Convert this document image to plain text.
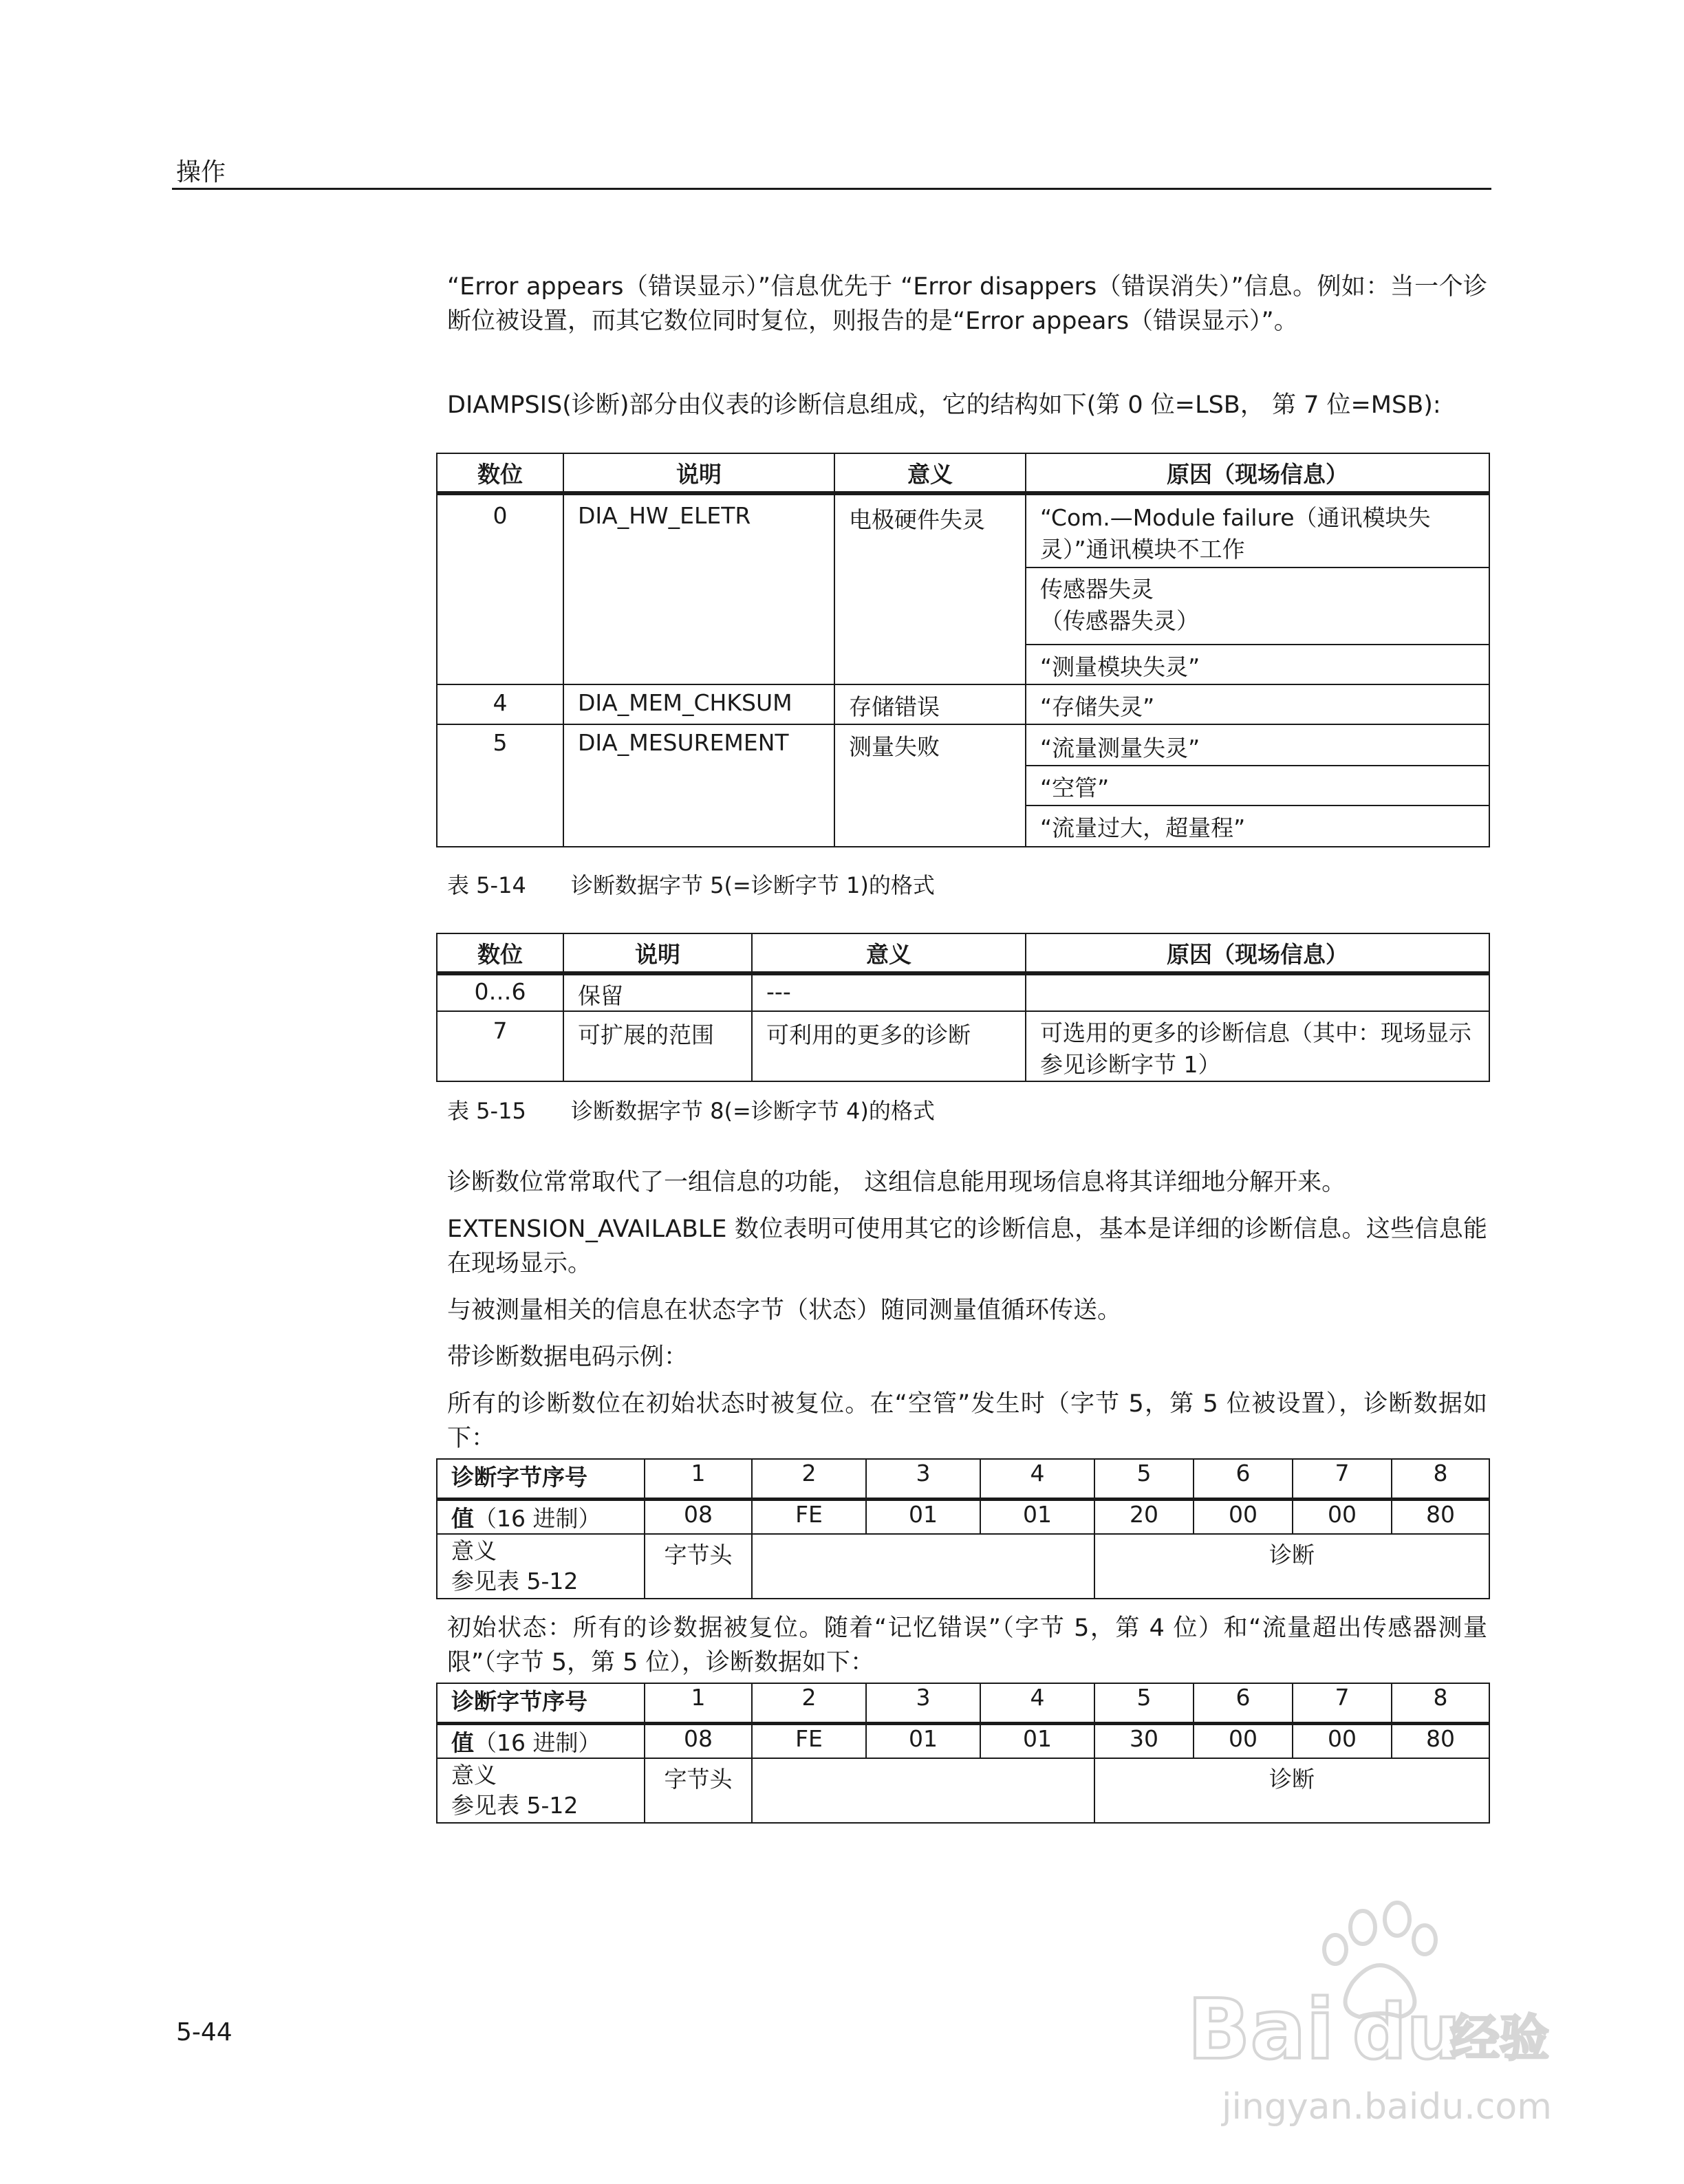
操作
“Error appears（错误显示）”信息优先于 “Error disappers（错误消失）”信息。例如：当一个诊断位被设置，而其它数位同时复位，则报告的是“Error appears（错误显示）”。
DIAMPSIS(诊断)部分由仪表的诊断信息组成，它的结构如下(第 0 位=LSB， 第 7 位=MSB):
数位	说明	意义	原因（现场信息）
0	DIA_HW_ELETR	电极硬件失灵	“Com.—Module failure（通讯模块失灵）”通讯模块不工作

			传感器失灵
（传感器失灵）

			“测量模块失灵”
4	DIA_MEM_CHKSUM	存储错误	“存储失灵”
5	DIA_MESUREMENT	测量失败	“流量测量失灵”
			“空管”
			“流量过大，超量程”
表 5-14 诊断数据字节 5(=诊断字节 1)的格式
数位	说明	意义	原因（现场信息）
0…6	保留	---	
7	可扩展的范围	可利用的更多的诊断	可选用的更多的诊断信息（其中：现场显示参见诊断字节 1）
表 5-15 诊断数据字节 8(=诊断字节 4)的格式
诊断数位常常取代了一组信息的功能， 这组信息能用现场信息将其详细地分解开来。
EXTENSION_AVAILABLE 数位表明可使用其它的诊断信息，基本是详细的诊断信息。这些信息能在现场显示。
与被测量相关的信息在状态字节（状态）随同测量值循环传送。
带诊断数据电码示例：
所有的诊断数位在初始状态时被复位。在“空管”发生时（字节 5，第 5 位被设置），诊断数据如下：
诊断字节序号	1	2	3	4	5	6	7	8
值（16 进制）	08	FE	01	01	20	00	00	80

意义
参见表 5-12	字节头				诊断			
初始状态：所有的诊数据被复位。随着“记忆错误”（字节 5，第 4 位）和“流量超出传感器测量限”（字节 5，第 5 位），诊断数据如下：
诊断字节序号	1	2	3	4	5	6	7	8
值（16 进制）	08	FE	01	01	30	00	00	80

意义
参见表 5-12	字节头				诊断			
5-44	Bai du
经验
jingyan.baidu.com
